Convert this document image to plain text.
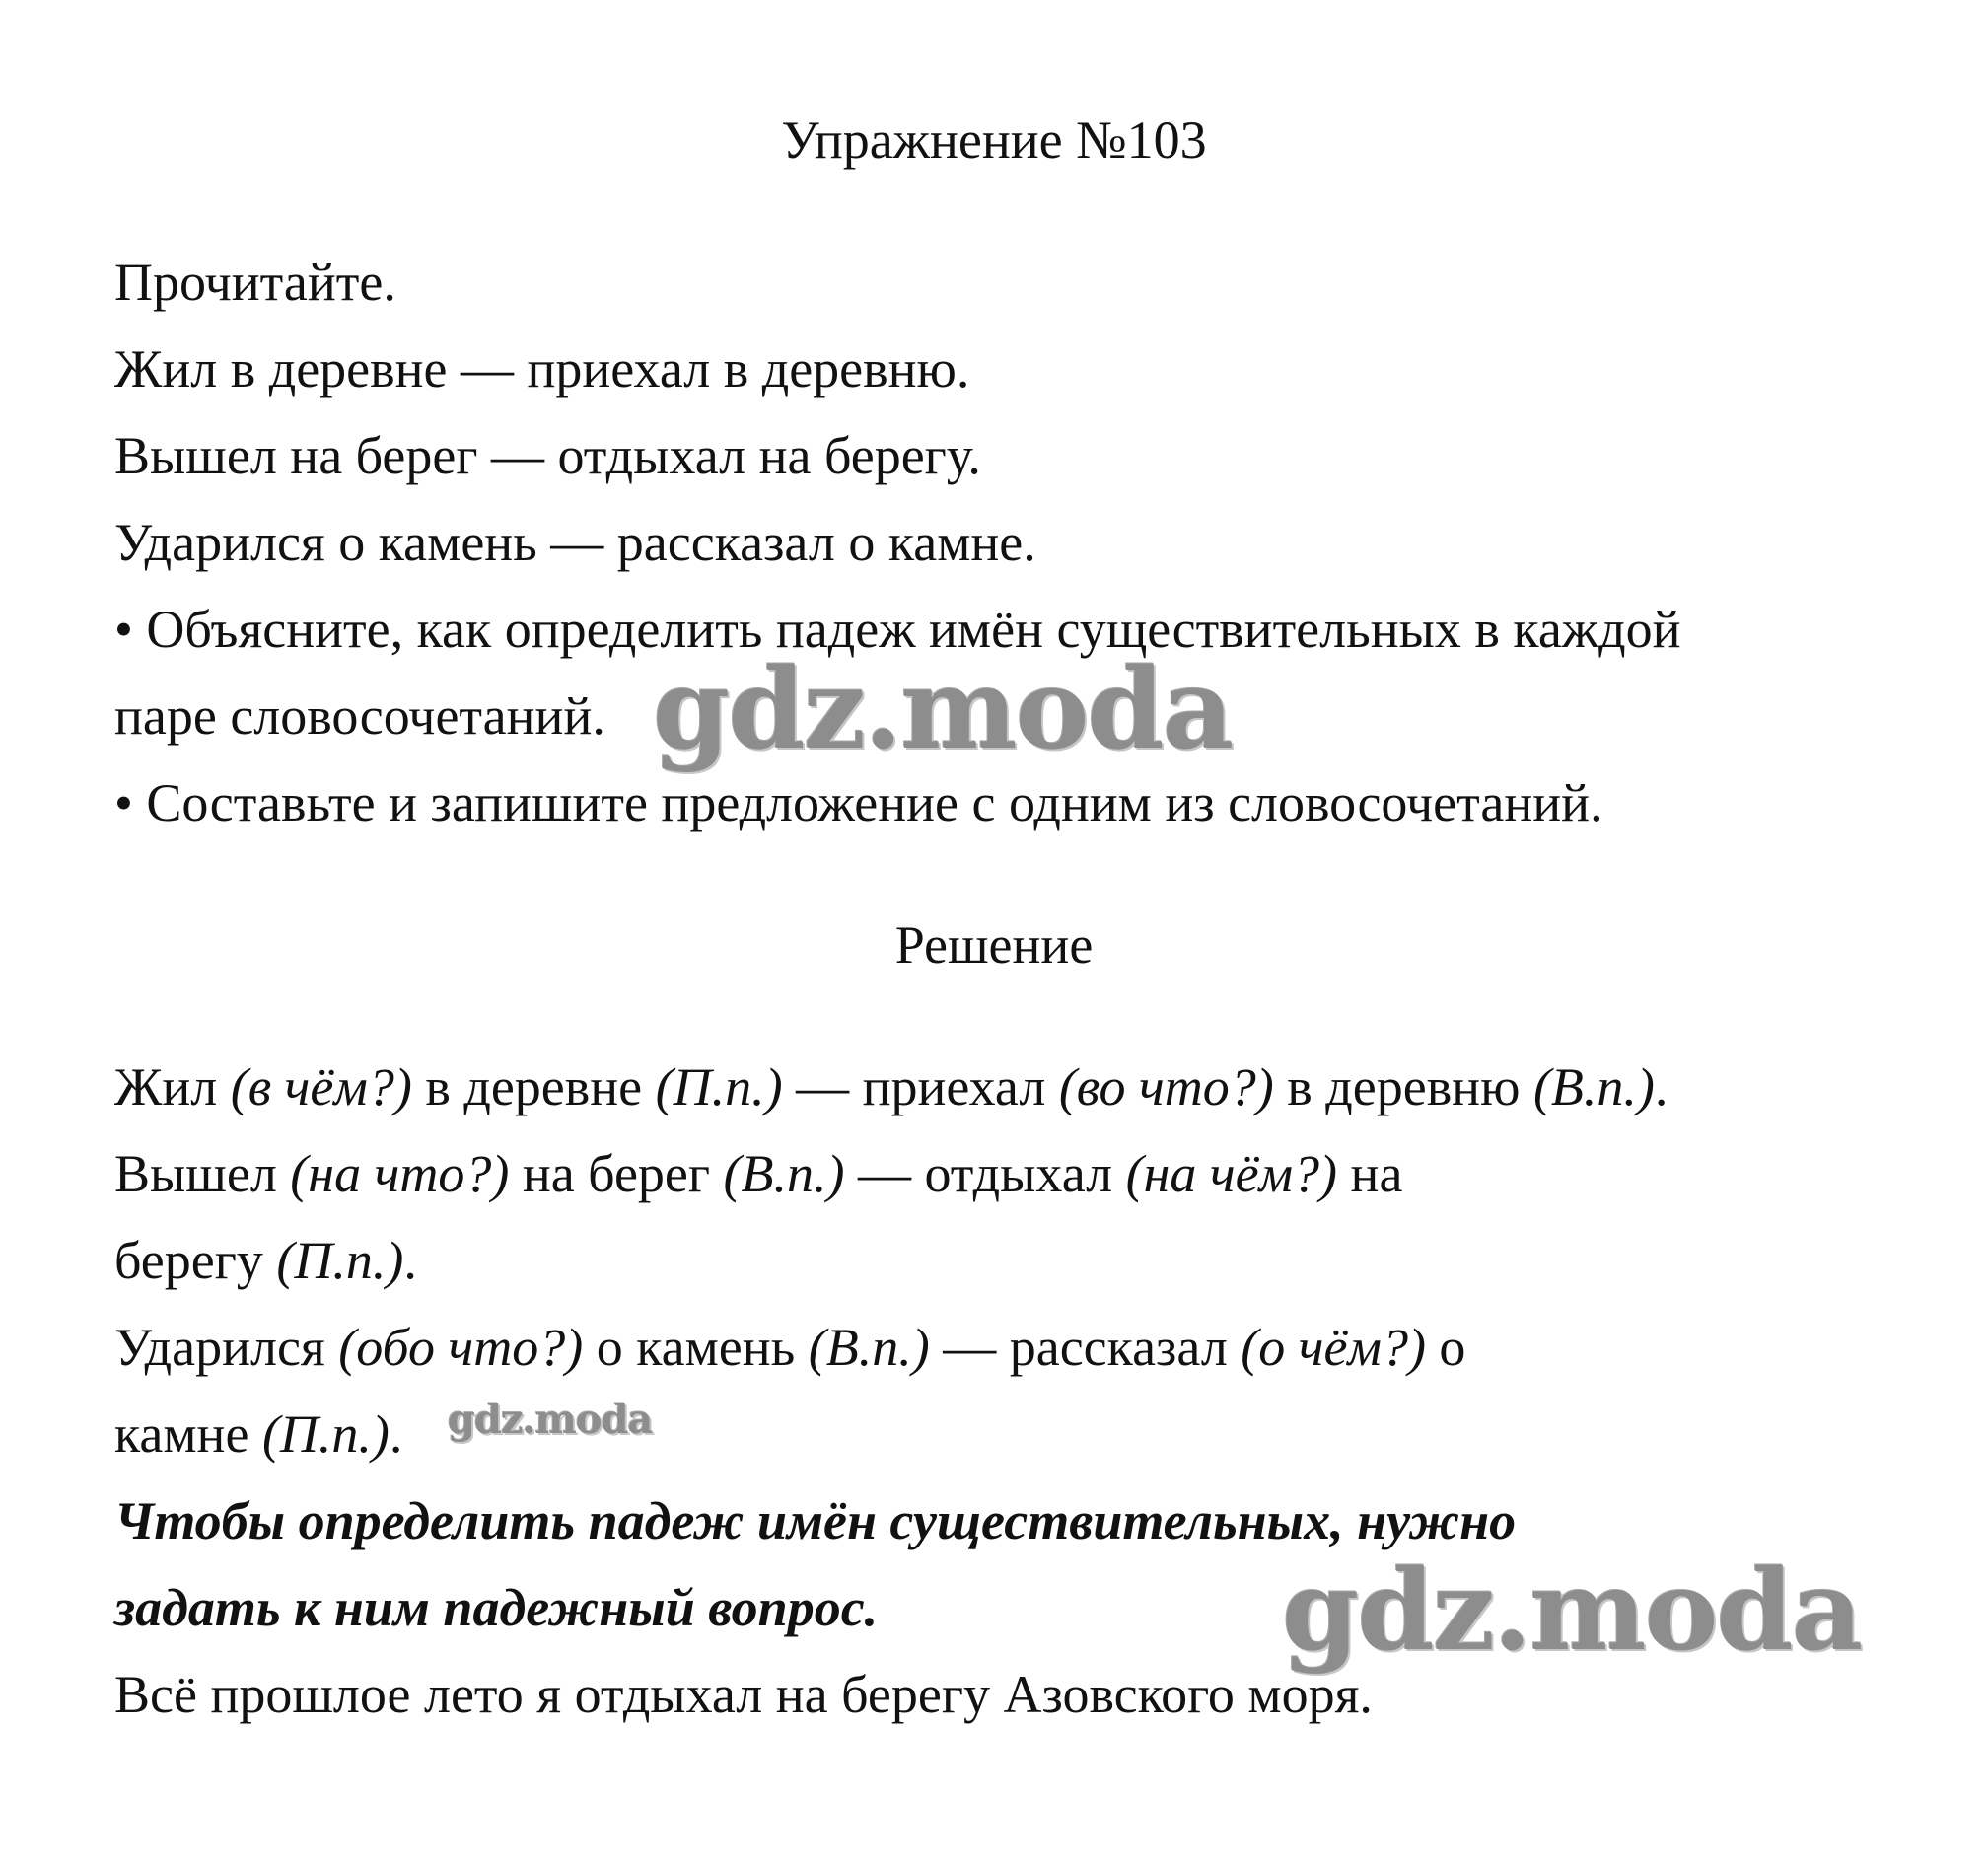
Упражнение №103
Прочитайте.
Жил в деревне — приехал в деревню.
Вышел на берег — отдыхал на берегу.
Ударился о камень — рассказал о камне.
• Объясните, как определить падеж имён существительных в каждой
паре словосочетаний.
• Составьте и запишите предложение с одним из словосочетаний.
Решение
Жил (в чём?) в деревне (П.п.) — приехал (во что?) в деревню (В.п.).
Вышел (на что?) на берег (В.п.) — отдыхал (на чём?) на
берегу (П.п.).
Ударился (обо что?) о камень (В.п.) — рассказал (о чём?) о
камне (П.п.).
Чтобы определить падеж имён существительных, нужно
задать к ним падежный вопрос.
Всё прошлое лето я отдыхал на берегу Азовского моря.
gdz.moda
gdz.moda
gdz.moda
